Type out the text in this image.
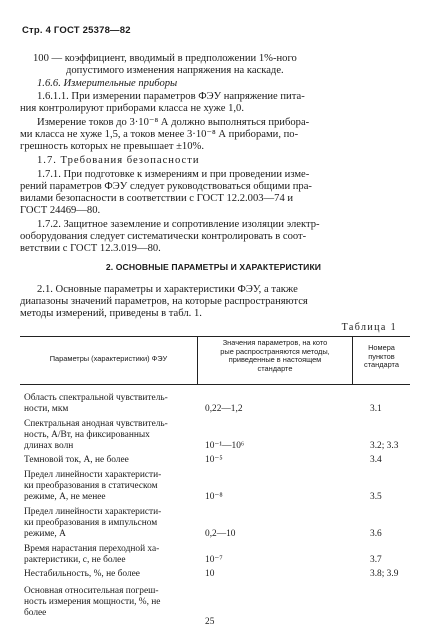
Стр. 4 ГОСТ 25378—82
100 — коэффициент, вводимый в предположении 1%-ного
допустимого изменения напряжения на каскаде.
1.6.6. Измерительные приборы
1.6.1.1. При измерении параметров ФЭУ напряжение пита-
ния контролируют приборами класса не хуже 1,0.
Измерение токов до 3·10⁻⁸ А должно выполняться прибора-
ми класса не хуже 1,5, а токов менее 3·10⁻⁸ А приборами, по-
грешность которых не превышает ±10%.
1.7. Требования безопасности
1.7.1. При подготовке к измерениям и при проведении изме-
рений параметров ФЭУ следует руководствоваться общими пра-
вилами безопасности в соответствии с ГОСТ 12.2.003—74 и
ГОСТ 24469—80.
1.7.2. Защитное заземление и сопротивление изоляции электр-
ооборудования следует систематически контролировать в соот-
ветствии с ГОСТ 12.3.019—80.
2. ОСНОВНЫЕ ПАРАМЕТРЫ И ХАРАКТЕРИСТИКИ
2.1. Основные параметры и характеристики ФЭУ, а также
диапазоны значений параметров, на которые распространяются
методы измерений, приведены в табл. 1.
Таблица 1
Параметры (характеристики) ФЭУ
Значения параметров, на кото
рые распространяются методы,
приведенные в настоящем
стандарте
Номера
пунктов
стандарта
Область спектральной чувствитель-
ности, мкм	0,22—1,2	3.1
Спектральная анодная чувствитель-
ность, А/Вт, на фиксированных
длинах волн	10⁻¹—10⁶	3.2; 3.3
Темновой ток, А, не более	10⁻⁵	3.4
Предел линейности характеристи-
ки преобразования в статическом
режиме, А, не менее	10⁻⁸	3.5
Предел линейности характеристи-
ки преобразования в импульсном
режиме, А	0,2—10	3.6
Время нарастания переходной ха-
рактеристики, с, не более	10⁻⁷	3.7
Нестабильность, %, не более	10	3.8; 3.9
Основная относительная погреш-
ность измерения мощности, %, не
более
25
